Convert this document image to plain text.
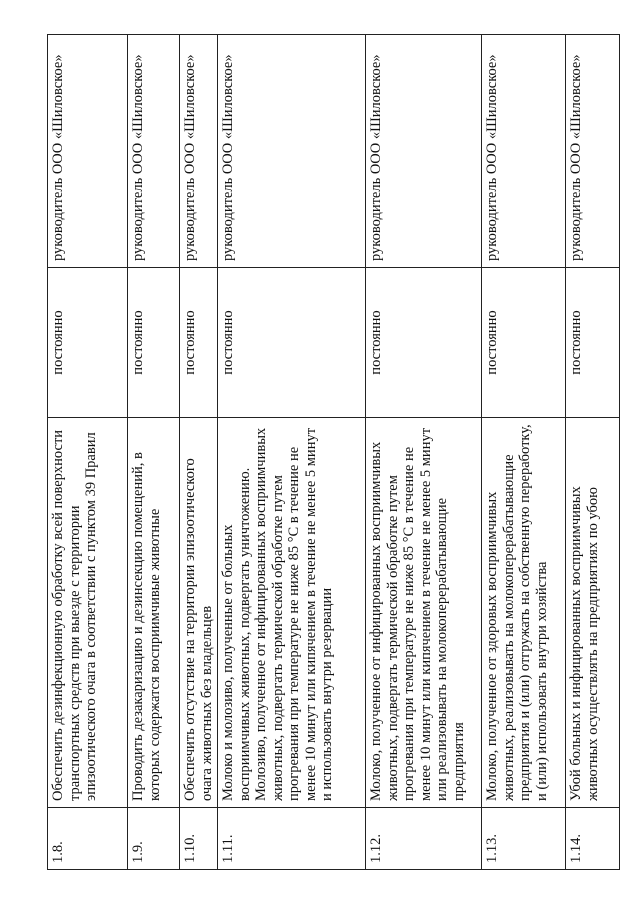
1.8.	Обеспечить дезинфекционную обработку всей поверхности транспортных средств при выезде с территории эпизоотического очага в соответствии с пунктом 39 Правил	постоянно	руководитель ООО «Шиловское»
1.9.	Проводить дезакаризацию и дезинсекцию помещений, в которых содержатся восприимчивые животные	постоянно	руководитель ООО «Шиловское»
1.10.	Обеспечить отсутствие на территории эпизоотического очага животных без владельцев	постоянно	руководитель ООО «Шиловское»
1.11.	Молоко и молозиво, полученные от больных восприимчивых животных, подвергать уничтожению. Молозиво, полученное от инфицированных восприимчивых животных, подвергать термической обработке путем прогревания при температуре не ниже 85 °С в течение не менее 10 минут или кипячением в течение не менее 5 минут и использовать внутри резервации	постоянно	руководитель ООО «Шиловское»
1.12.	Молоко, полученное от инфицированных восприимчивых животных, подвергать термической обработке путем прогревания при температуре не ниже 85 °С в течение не менее 10 минут или кипячением в течение не менее 5 минут или реализовывать на молокоперерабатывающие предприятия	постоянно	руководитель ООО «Шиловское»
1.13.	Молоко, полученное от здоровых восприимчивых животных, реализовывать на молокоперерабатывающие предприятия и (или) отгружать на собственную переработку, и (или) использовать внутри хозяйства	постоянно	руководитель ООО «Шиловское»
1.14.	Убой больных и инфицированных восприимчивых животных осуществлять на предприятиях по убою	постоянно	руководитель ООО «Шиловское»
